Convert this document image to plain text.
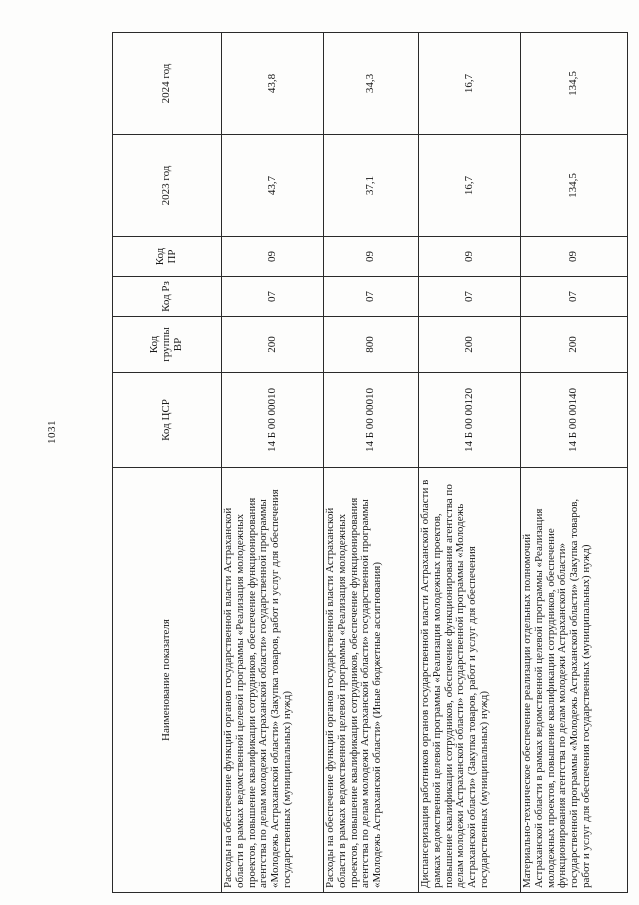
1031
Наименование показателя	Код ЦСР	Код группы ВР	Код Рз	Код ПР	2023 год	2024 год
Расходы на обеспечение функций органов государственной власти Астраханской области в рамках ведомственной целевой программы «Реализация молодежных проектов, повышение квалификации сотрудников, обеспечение функционирования агентства по делам молодежи Астраханской области» государственной программы «Молодежь Астраханской области» (Закупка товаров, работ и услуг для обеспечения государственных (муниципальных) нужд)	14 Б 00 00010	200	07	09	43,7	43,8
Расходы на обеспечение функций органов государственной власти Астраханской области в рамках ведомственной целевой программы «Реализация молодежных проектов, повышение квалификации сотрудников, обеспечение функционирования агентства по делам молодежи Астраханской области» государственной программы «Молодежь Астраханской области» (Иные бюджетные ассигнования)	14 Б 00 00010	800	07	09	37,1	34,3
Диспансеризация работников органов государственной власти Астраханской области в рамках ведомственной целевой программы «Реализация молодежных проектов, повышение квалификации сотрудников, обеспечение функционирования агентства по делам молодежи Астраханской области» государственной программы «Молодежь Астраханской области» (Закупка товаров, работ и услуг для обеспечения государственных (муниципальных) нужд)	14 Б 00 00120	200	07	09	16,7	16,7
Материально-техническое обеспечение реализации отдельных полномочий Астраханской области в рамках ведомственной целевой программы «Реализация молодежных проектов, повышение квалификации сотрудников, обеспечение функционирования агентства по делам молодежи Астраханской области» государственной программы «Молодежь Астраханской области» (Закупка товаров, работ и услуг для обеспечения государственных (муниципальных) нужд)	14 Б 00 00140	200	07	09	134,5	134,5
